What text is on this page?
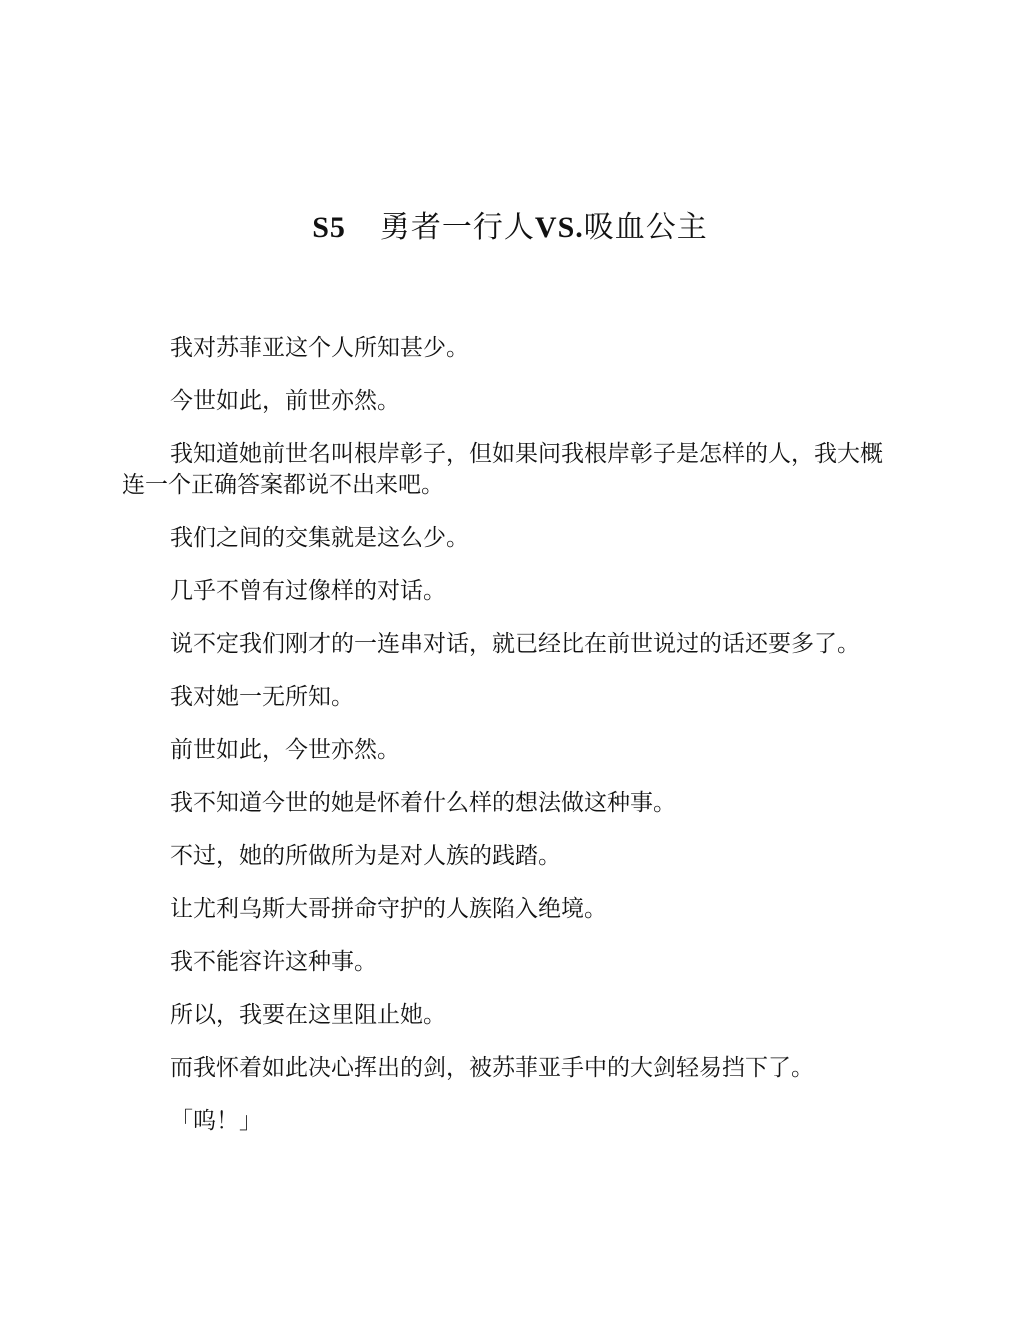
S5 勇者一行人VS.吸血公主

我对苏菲亚这个人所知甚少。

今世如此，前世亦然。

我知道她前世名叫根岸彰子，但如果问我根岸彰子是怎样的人，我大概连一个正确答案都说不出来吧。

我们之间的交集就是这么少。

几乎不曾有过像样的对话。

说不定我们刚才的一连串对话，就已经比在前世说过的话还要多了。

我对她一无所知。

前世如此，今世亦然。

我不知道今世的她是怀着什么样的想法做这种事。

不过，她的所做所为是对人族的践踏。

让尤利乌斯大哥拼命守护的人族陷入绝境。

我不能容许这种事。

所以，我要在这里阻止她。

而我怀着如此决心挥出的剑，被苏菲亚手中的大剑轻易挡下了。

「呜！」
